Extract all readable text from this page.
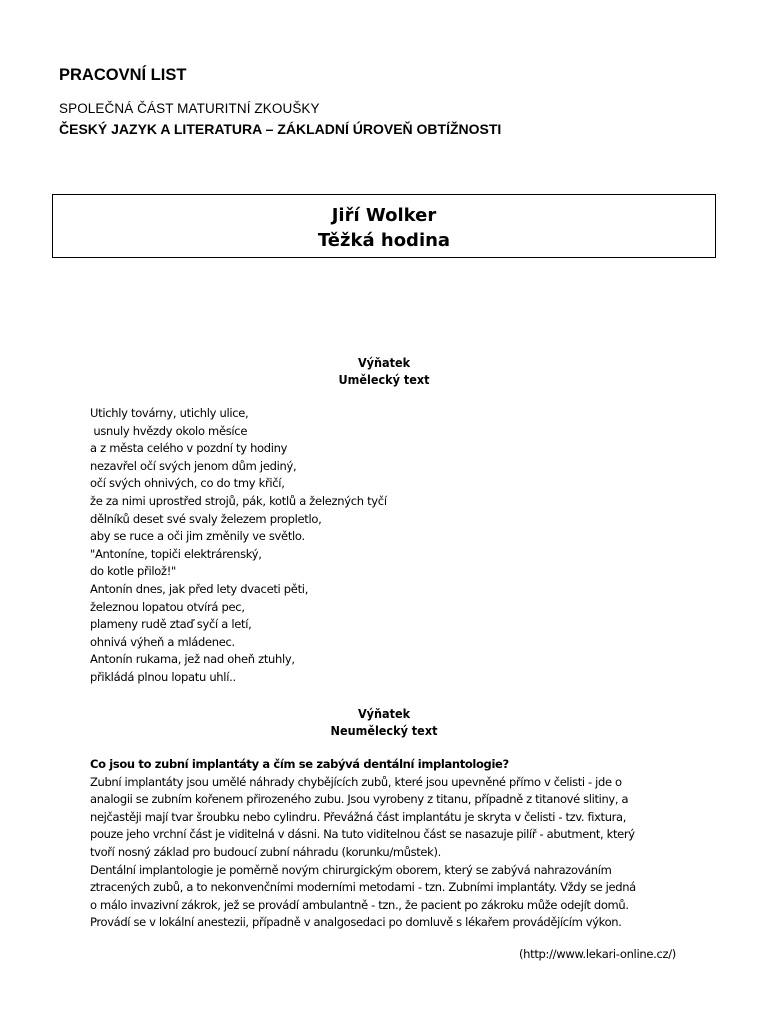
PRACOVNÍ LIST

SPOLEČNÁ ČÁST MATURITNÍ ZKOUŠKY

ČESKÝ JAZYK A LITERATURA – ZÁKLADNÍ ÚROVEŇ OBTÍŽNOSTI

Jiří Wolker
Těžká hodina
Výňatek
Umělecký text
Utichly továrny, utichly ulice,
usnuly hvězdy okolo měsíce
a z města celého v pozdní ty hodiny
nezavřel očí svých jenom dům jediný,
očí svých ohnivých, co do tmy křičí,
že za nimi uprostřed strojů, pák, kotlů a železných tyčí
dělníků deset své svaly železem propletlo,
aby se ruce a oči jim změnily ve světlo.
"Antoníne, topiči elektrárenský,
do kotle přilož!"
Antonín dnes, jak před lety dvaceti pěti,
železnou lopatou otvírá pec,
plameny rudě ztaď syčí a letí,
ohnivá výheň a mládenec.
Antonín rukama, jež nad oheň ztuhly,
přikládá plnou lopatu uhlí..
Výňatek
Neumělecký text
Co jsou to zubní implantáty a čím se zabývá dentální implantologie?
Zubní implantáty jsou umělé náhrady chybějících zubů, které jsou upevněné přímo v čelisti - jde o
analogii se zubním kořenem přirozeného zubu. Jsou vyrobeny z titanu, případně z titanové slitiny, a
nejčastěji mají tvar šroubku nebo cylindru. Převážná část implantátu je skryta v čelisti - tzv. fixtura,
pouze jeho vrchní část je viditelná v dásni. Na tuto viditelnou část se nasazuje pilíř - abutment, který
tvoří nosný základ pro budoucí zubní náhradu (korunku/můstek).
Dentální implantologie je poměrně novým chirurgickým oborem, který se zabývá nahrazováním
ztracených zubů, a to nekonvenčními moderními metodami - tzn. Zubními implantáty. Vždy se jedná
o málo invazivní zákrok, jež se provádí ambulantně - tzn., že pacient po zákroku může odejít domů.
Provádí se v lokální anestezii, případně v analgosedaci po domluvě s lékařem provádějícím výkon.
(http://www.lekari-online.cz/)
